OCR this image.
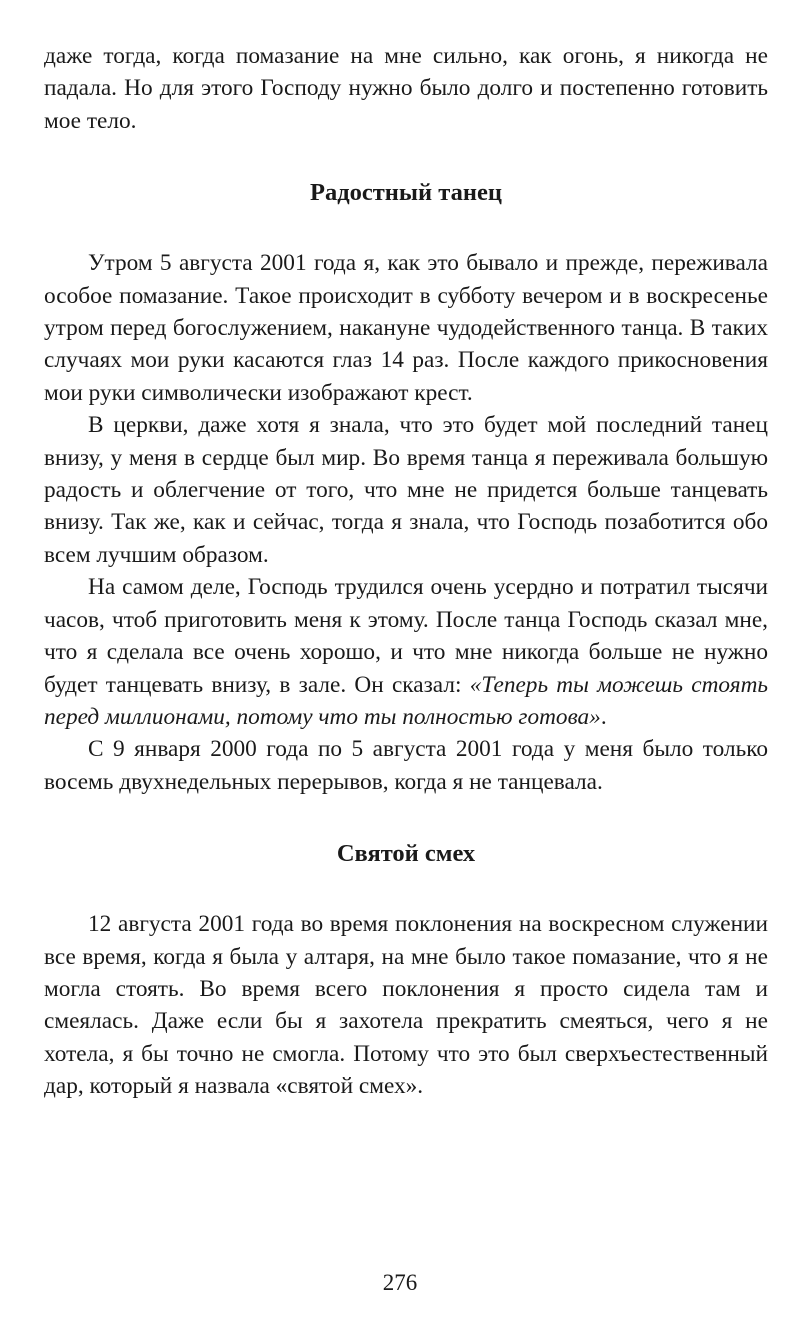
даже тогда, когда помазание на мне сильно, как огонь, я никогда не падала. Но для этого Господу нужно было долго и постепенно готовить мое тело.

Радостный танец

Утром 5 августа 2001 года я, как это бывало и прежде, переживала особое помазание. Такое происходит в субботу вечером и в воскресенье утром перед богослужением, накануне чудодейственного танца. В таких случаях мои руки касаются глаз 14 раз. После каждого прикосновения мои руки символически изображают крест.

В церкви, даже хотя я знала, что это будет мой последний танец внизу, у меня в сердце был мир. Во время танца я переживала большую радость и облегчение от того, что мне не придется больше танцевать внизу. Так же, как и сейчас, тогда я знала, что Господь позаботится обо всем лучшим образом.

На самом деле, Господь трудился очень усердно и потратил тысячи часов, чтоб приготовить меня к этому. После танца Господь сказал мне, что я сделала все очень хорошо, и что мне никогда больше не нужно будет танцевать внизу, в зале. Он сказал: «Теперь ты можешь стоять перед миллионами, потому что ты полностью готова».

С 9 января 2000 года по 5 августа 2001 года у меня было только восемь двухнедельных перерывов, когда я не танцевала.

Святой смех

12 августа 2001 года во время поклонения на воскресном служении все время, когда я была у алтаря, на мне было такое помазание, что я не могла стоять. Во время всего поклонения я просто сидела там и смеялась. Даже если бы я захотела прекратить смеяться, чего я не хотела, я бы точно не смогла. Потому что это был сверхъестественный дар, который я назвала «святой смех».

276
